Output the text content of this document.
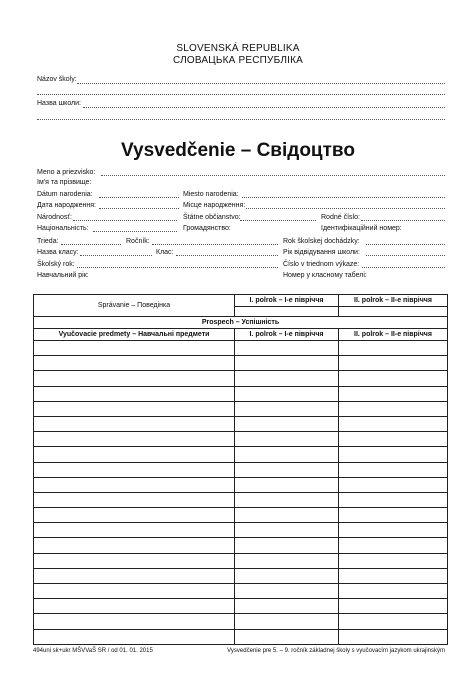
SLOVENSKÁ REPUBLIKA
СЛОВАЦЬКА РЕСПУБЛІКА
Názov školy:
Назва школи:
Vysvedčenie – Свідоцтво
Meno a priezvisko:
Ім'я та прізвище:
Dátum narodenia:	Miesto narodenia:
Дата народження:	Місце народження:
Národnosť:	Štátne občianstvo:	Rodné číslo:
Національність:	Громадянство:	Ідентифікаційний номер:
Trieda:	Ročník:	Rok školskej dochádzky:
Назва класу:	Клас:	Рік відвідування школи:
Školský rok:	Číslo v triednom výkaze:
Навчальний рік:	Номер у класному табелі:
Správanie – Поведінка	I. polrok – I-е півріччя	II. polrok – II-е півріччя

Prospech – Успішність		
Vyučovacie predmety – Навчальні предмети	I. polrok – I-е півріччя	II. polrok – II-е півріччя

494uni sk+ukr MŠVVaŠ SR / od 01. 01. 2015	Vysvedčenie pre 5. – 9. ročník základnej školy s vyučovacím jazykom ukrajinským
